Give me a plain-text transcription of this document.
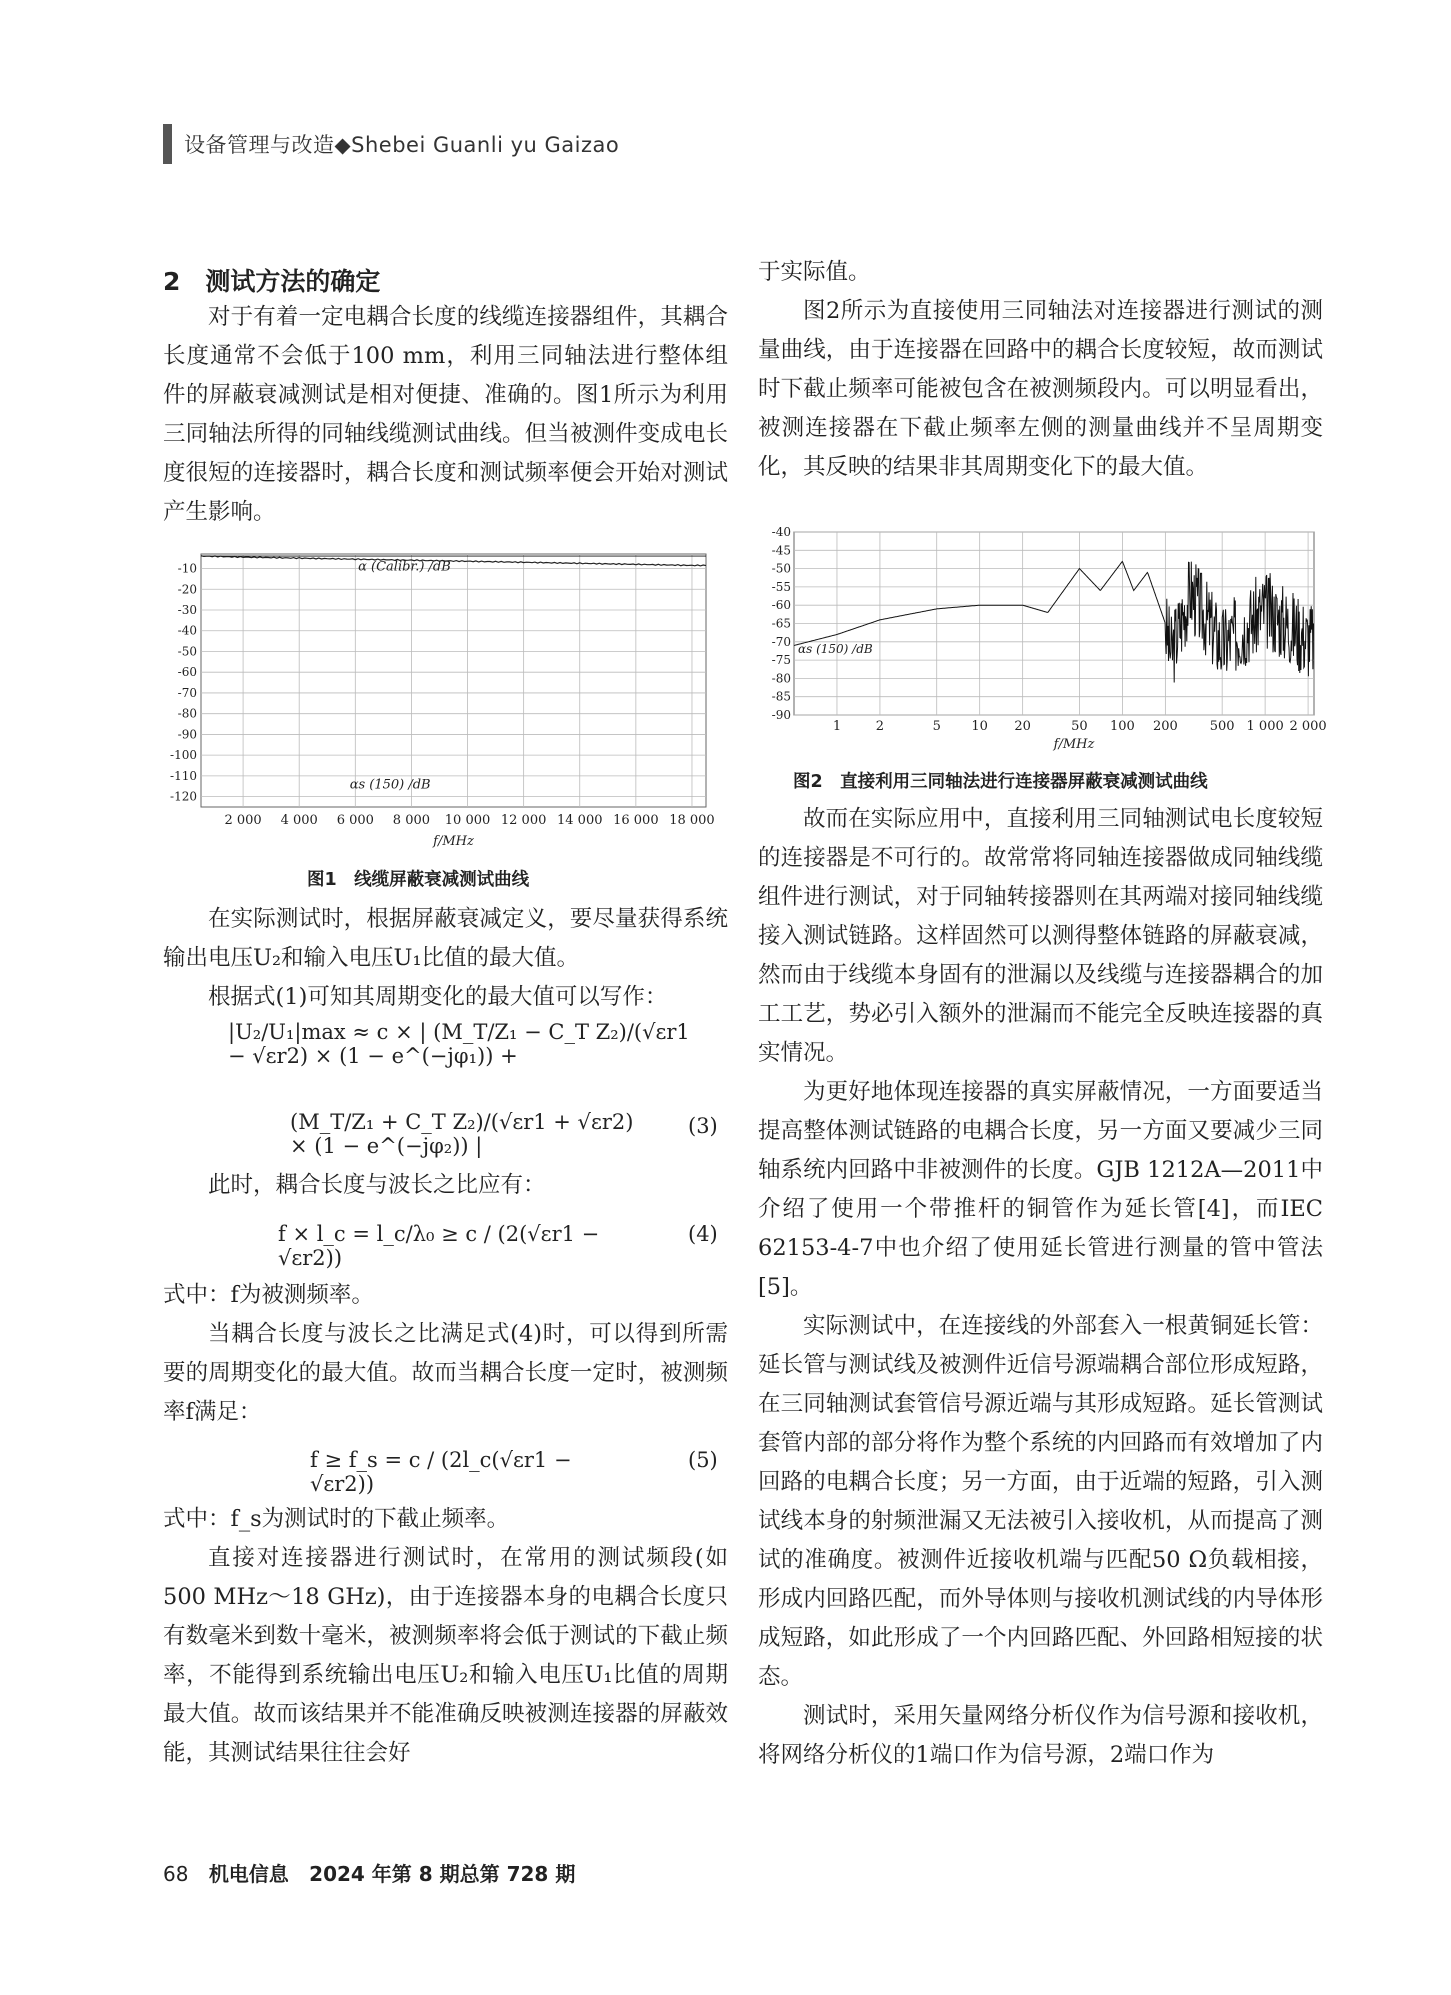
设备管理与改造◆Shebei Guanli yu Gaizao
2　测试方法的确定

对于有着一定电耦合长度的线缆连接器组件，其耦合长度通常不会低于100 mm，利用三同轴法进行整体组件的屏蔽衰减测试是相对便捷、准确的。图1所示为利用三同轴法所得的同轴线缆测试曲线。但当被测件变成电长度很短的连接器时，耦合长度和测试频率便会开始对测试产生影响。

-10
-20
-30
-40
-50
-60
-70
-80
-90
-100
-110
-120
2 000 4 000 6 000 8 000 10 000 12 000 14 000 16 000 18 000
f/MHz
α (Calibr.) /dB
αs (150) /dB
图1　线缆屏蔽衰减测试曲线

在实际测试时，根据屏蔽衰减定义，要尽量获得系统输出电压U₂和输入电压U₁比值的最大值。

根据式(1)可知其周期变化的最大值可以写作：

|U₂/U₁|max ≈ c × | (M_T/Z₁ − C_T Z₂)/(√εr1 − √εr2) × (1 − e^(−jφ₁)) +
(M_T/Z₁ + C_T Z₂)/(√εr1 + √εr2) × (1 − e^(−jφ₂)) |
(3)

此时，耦合长度与波长之比应有：

f × l_c = l_c/λ₀ ≥ c / (2(√εr1 − √εr2))
(4)

式中：f为被测频率。

当耦合长度与波长之比满足式(4)时，可以得到所需要的周期变化的最大值。故而当耦合长度一定时，被测频率f满足：

f ≥ f_s = c / (2l_c(√εr1 − √εr2))
(5)

式中：f_s为测试时的下截止频率。

直接对连接器进行测试时，在常用的测试频段(如500 MHz～18 GHz)，由于连接器本身的电耦合长度只有数毫米到数十毫米，被测频率将会低于测试的下截止频率，不能得到系统输出电压U₂和输入电压U₁比值的周期最大值。故而该结果并不能准确反映被测连接器的屏蔽效能，其测试结果往往会好

于实际值。

图2所示为直接使用三同轴法对连接器进行测试的测量曲线，由于连接器在回路中的耦合长度较短，故而测试时下截止频率可能被包含在被测频段内。可以明显看出，被测连接器在下截止频率左侧的测量曲线并不呈周期变化，其反映的结果非其周期变化下的最大值。

-40
-45
-50
-55
-60
-65
-70
-75
-80
-85
-90
1	2	5 10 20	50 100 200 500 1 000 2 000
f/MHz
αs (150) /dB
图2　直接利用三同轴法进行连接器屏蔽衰减测试曲线

故而在实际应用中，直接利用三同轴测试电长度较短的连接器是不可行的。故常常将同轴连接器做成同轴线缆组件进行测试，对于同轴转接器则在其两端对接同轴线缆接入测试链路。这样固然可以测得整体链路的屏蔽衰减，然而由于线缆本身固有的泄漏以及线缆与连接器耦合的加工工艺，势必引入额外的泄漏而不能完全反映连接器的真实情况。

为更好地体现连接器的真实屏蔽情况，一方面要适当提高整体测试链路的电耦合长度，另一方面又要减少三同轴系统内回路中非被测件的长度。GJB 1212A—2011中介绍了使用一个带推杆的铜管作为延长管[4]，而IEC 62153-4-7中也介绍了使用延长管进行测量的管中管法[5]。

实际测试中，在连接线的外部套入一根黄铜延长管：延长管与测试线及被测件近信号源端耦合部位形成短路，在三同轴测试套管信号源近端与其形成短路。延长管测试套管内部的部分将作为整个系统的内回路而有效增加了内回路的电耦合长度；另一方面，由于近端的短路，引入测试线本身的射频泄漏又无法被引入接收机，从而提高了测试的准确度。被测件近接收机端与匹配50 Ω负载相接，形成内回路匹配，而外导体则与接收机测试线的内导体形成短路，如此形成了一个内回路匹配、外回路相短接的状态。

测试时，采用矢量网络分析仪作为信号源和接收机，将网络分析仪的1端口作为信号源，2端口作为

68 机电信息 2024 年第 8 期总第 728 期
